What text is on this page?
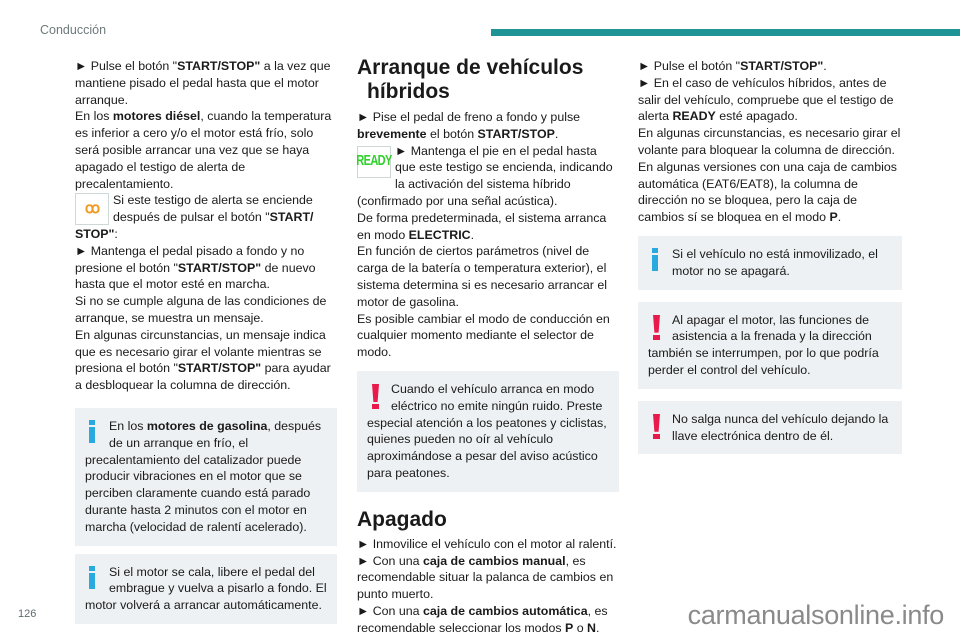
Conducción

► Pulse el botón "START/STOP" a la vez que mantiene pisado el pedal hasta que el motor arranque.

En los motores diésel, cuando la temperatura es inferior a cero y/o el motor está frío, solo será posible arrancar una vez que se haya apagado el testigo de alerta de precalentamiento.

ꝏ	Si este testigo de alerta se enciende después de pulsar el botón "START/ STOP":

► Mantenga el pedal pisado a fondo y no presione el botón "START/STOP" de nuevo hasta que el motor esté en marcha.

Si no se cumple alguna de las condiciones de arranque, se muestra un mensaje.

En algunas circunstancias, un mensaje indica que es necesario girar el volante mientras se presiona el botón "START/STOP" para ayudar a desbloquear la columna de dirección.

En los motores de gasolina, después de un arranque en frío, el precalentamiento del catalizador puede producir vibraciones en el motor que se perciben claramente cuando está parado durante hasta 2 minutos con el motor en marcha (velocidad de ralentí acelerado).

Si el motor se cala, libere el pedal del embrague y vuelva a pisarlo a fondo. El motor volverá a arrancar automáticamente.

Arranque de vehículos
híbridos

► Pise el pedal de freno a fondo y pulse brevemente el botón START/STOP.

READY

► Mantenga el pie en el pedal hasta que este testigo se encienda, indicando la activación del sistema híbrido (confirmado por una señal acústica).

De forma predeterminada, el sistema arranca en modo ELECTRIC.

En función de ciertos parámetros (nivel de carga de la batería o temperatura exterior), el sistema determina si es necesario arrancar el motor de gasolina.

Es posible cambiar el modo de conducción en cualquier momento mediante el selector de modo.

Cuando el vehículo arranca en modo eléctrico no emite ningún ruido. Preste especial atención a los peatones y ciclistas, quienes pueden no oír al vehículo aproximándose a pesar del aviso acústico para peatones.

Apagado

► Inmovilice el vehículo con el motor al ralentí.

► Con una caja de cambios manual, es recomendable situar la palanca de cambios en punto muerto.

► Con una caja de cambios automática, es recomendable seleccionar los modos P o N.

► Pulse el botón "START/STOP".

► En el caso de vehículos híbridos, antes de salir del vehículo, compruebe que el testigo de alerta READY esté apagado.

En algunas circunstancias, es necesario girar el volante para bloquear la columna de dirección.

En algunas versiones con una caja de cambios automática (EAT6/EAT8), la columna de dirección no se bloquea, pero la caja de cambios sí se bloquea en el modo P.

Si el vehículo no está inmovilizado, el motor no se apagará.

Al apagar el motor, las funciones de asistencia a la frenada y la dirección también se interrumpen, por lo que podría perder el control del vehículo.

No salga nunca del vehículo dejando la llave electrónica dentro de él.

126	carmanualsonline.info
